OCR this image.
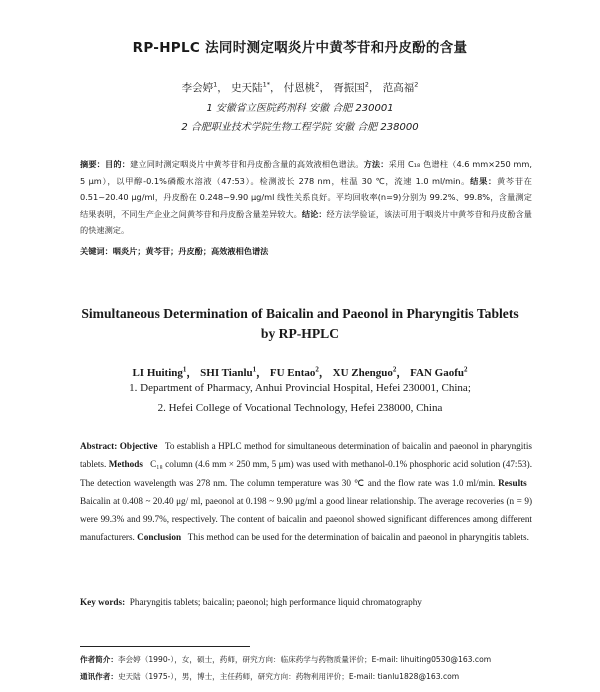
RP-HPLC 法同时测定咽炎片中黄芩苷和丹皮酚的含量
李会婷$^1$， 史天陆$^{1*}$， 付恩桃$^2$， 胥振国$^2$， 范高福$^2$
1 安徽省立医院药剂科 安徽 合肥 230001
2 合肥职业技术学院生物工程学院 安徽 合肥 238000
摘要：目的：建立同时测定咽炎片中黄芩苷和丹皮酚含量的高效液相色谱法。方法：采用 C₁₈ 色谱柱（4.6 mm×250 mm, 5 μm），以甲醇-0.1%磷酸水溶液（47:53）。检测波长 278 nm，柱温 30 ℃，流速 1.0 ml/min。结果：黄芩苷在 0.51~20.40 μg/ml，丹皮酚在 0.248~9.90 μg/ml 线性关系良好。平均回收率(n=9)分别为 99.2%、99.8%，含量测定结果表明，不同生产企业之间黄芩苷和丹皮酚含量差异较大。结论：经方法学验证，该法可用于咽炎片中黄芩苷和丹皮酚含量的快速测定。
关键词：咽炎片；黄芩苷；丹皮酚；高效液相色谱法
Simultaneous Determination of Baicalin and Paeonol in Pharyngitis Tablets
by RP-HPLC
LI Huiting$^1$， SHI Tianlu$^1$， FU Entao$^2$， XU Zhenguo$^2$， FAN Gaofu$^2$
1. Department of Pharmacy, Anhui Provincial Hospital, Hefei 230001, China;
2. Hefei College of Vocational Technology, Hefei 238000, China
Abstract: Objective To establish a HPLC method for simultaneous determination of baicalin and paeonol in pharyngitis tablets. Methods C₁₈ column (4.6 mm × 250 mm, 5 μm) was used with methanol-0.1% phosphoric acid solution (47:53). The detection wavelength was 278 nm. The column temperature was 30 ℃ and the flow rate was 1.0 ml/min. Results   Baicalin at 0.408 ~ 20.40 μg/ ml, paeonol at 0.198 ~ 9.90 μg/ml a good linear relationship. The average recoveries (n = 9) were 99.3% and 99.7%, respectively. The content of baicalin and paeonol showed significant differences among different manufacturers. Conclusion This method can be used for the determination of baicalin and paeonol in pharyngitis tablets.
Key words: Pharyngitis tablets; baicalin; paeonol; high performance liquid chromatography
作者简介：李会婷（1990-），女，硕士，药师，研究方向：临床药学与药物质量评价；E-mail: lihuiting0530@163.com
通讯作者：史天陆（1975-），男，博士，主任药师，研究方向：药物利用评价；E-mail: tianlu1828@163.com
